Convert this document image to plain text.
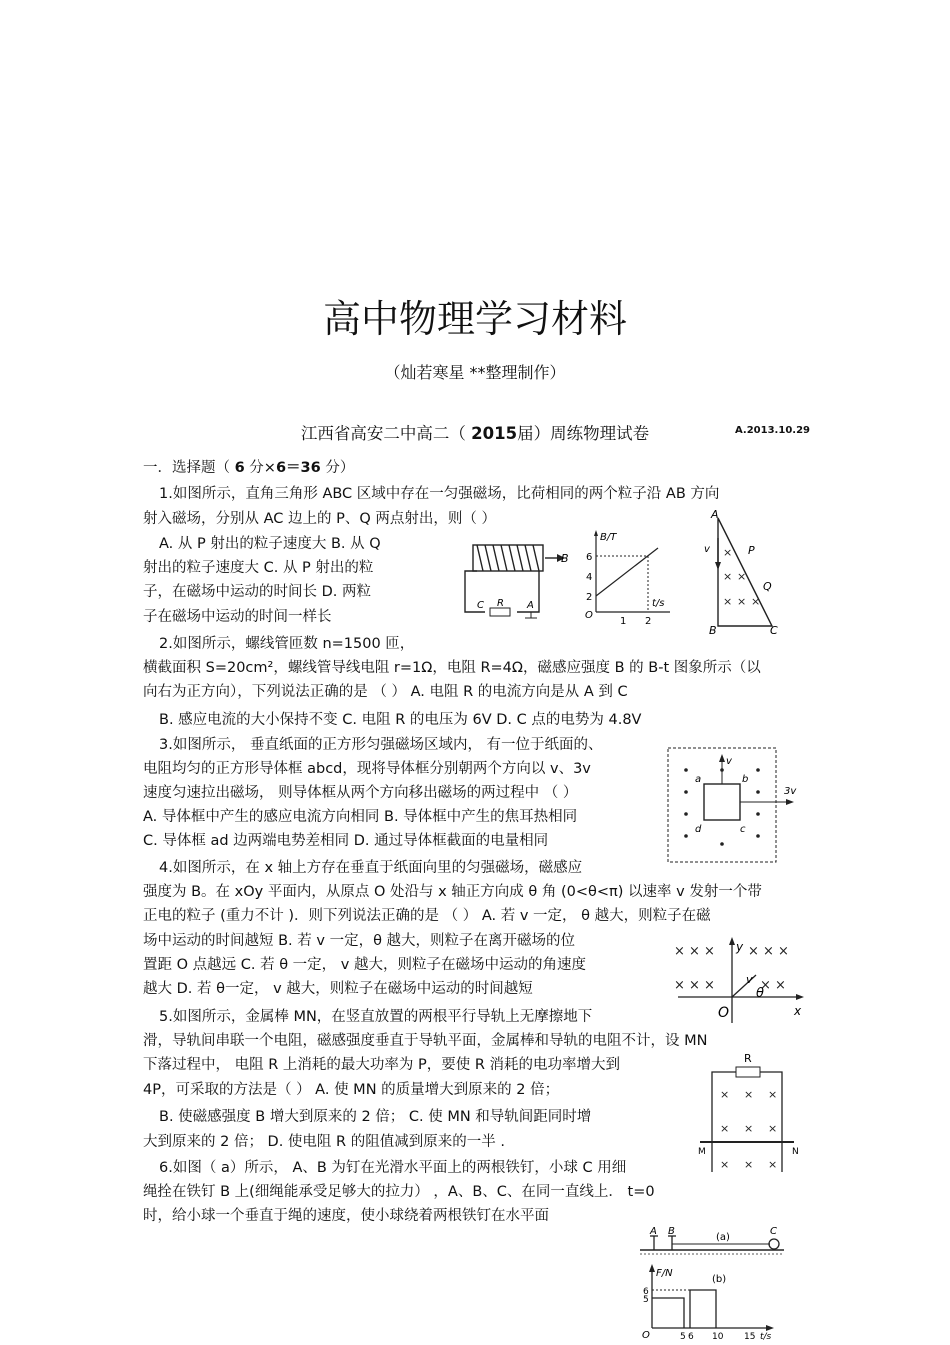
高中物理学习材料
（灿若寒星 **整理制作）
江西省高安二中高二（ 2015届）周练物理试卷	A.2013.10.29
一．选择题（ 6 分×6＝36 分）
1.如图所示，直角三角形 ABC 区域中存在一匀强磁场，比荷相同的两个粒子沿 AB 方向
射入磁场，分别从 AC 边上的 P、Q 两点射出，则（ ）
A. 从 P 射出的粒子速度大 B. 从 Q
射出的粒子速度大 C. 从 P 射出的粒
子，在磁场中运动的时间长 D. 两粒
子在磁场中运动的时间一样长
2.如图所示，螺线管匝数 n=1500 匝，
横截面积 S=20cm²，螺线管导线电阻 r=1Ω，电阻 R=4Ω，磁感应强度 B 的 B-t 图象所示（以
向右为正方向），下列说法正确的是 （ ） A. 电阻 R 的电流方向是从 A 到 C
B. 感应电流的大小保持不变 C. 电阻 R 的电压为 6V D. C 点的电势为 4.8V
3.如图所示， 垂直纸面的正方形匀强磁场区域内， 有一位于纸面的、
电阻均匀的正方形导体框 abcd，现将导体框分别朝两个方向以 v、3v
速度匀速拉出磁场， 则导体框从两个方向移出磁场的两过程中 （ ）
A. 导体框中产生的感应电流方向相同 B. 导体框中产生的焦耳热相同
C. 导体框 ad 边两端电势差相同 D. 通过导体框截面的电量相同
4.如图所示，在 x 轴上方存在垂直于纸面向里的匀强磁场，磁感应
强度为 B。在 xOy 平面内，从原点 O 处沿与 x 轴正方向成 θ 角 (0<θ<π) 以速率 v 发射一个带
正电的粒子 (重力不计 )．则下列说法正确的是 （ ） A. 若 v 一定， θ 越大，则粒子在磁
场中运动的时间越短 B. 若 v 一定，θ 越大，则粒子在离开磁场的位
置距 O 点越远 C. 若 θ 一定， v 越大，则粒子在磁场中运动的角速度
越大 D. 若 θ一定， v 越大，则粒子在磁场中运动的时间越短
5.如图所示，金属棒 MN，在竖直放置的两根平行导轨上无摩擦地下
滑，导轨间串联一个电阻，磁感强度垂直于导轨平面，金属棒和导轨的电阻不计，设 MN
下落过程中， 电阻 R 上消耗的最大功率为 P，要使 R 消耗的电功率增大到
4P，可采取的方法是（ ） A. 使 MN 的质量增大到原来的 2 倍；
B. 使磁感强度 B 增大到原来的 2 倍； C. 使 MN 和导轨间距同时增
大到原来的 2 倍； D. 使电阻 R 的阻值减到原来的一半 .
6.如图（ a）所示， A、B 为钉在光滑水平面上的两根铁钉，小球 C 用细
绳拴在铁钉 B 上(细绳能承受足够大的拉力） ，A、B、C、在同一直线上． t=0
时，给小球一个垂直于绳的速度，使小球绕着两根铁钉在水平面
B
C R A
B/T
t/s
6
4
2
1 2
O
A
v	P
Q
B	C
×
× ×
× × ×
v
a	b
d	c
3v
× × ×	× × ×
× × ×	× ×
y
x
O
v
θ
R
× × ×
× × ×
× × ×
M	N
A B	C
(a)
F/N
(b)
6
5
O	5 6 10 15 t/s
